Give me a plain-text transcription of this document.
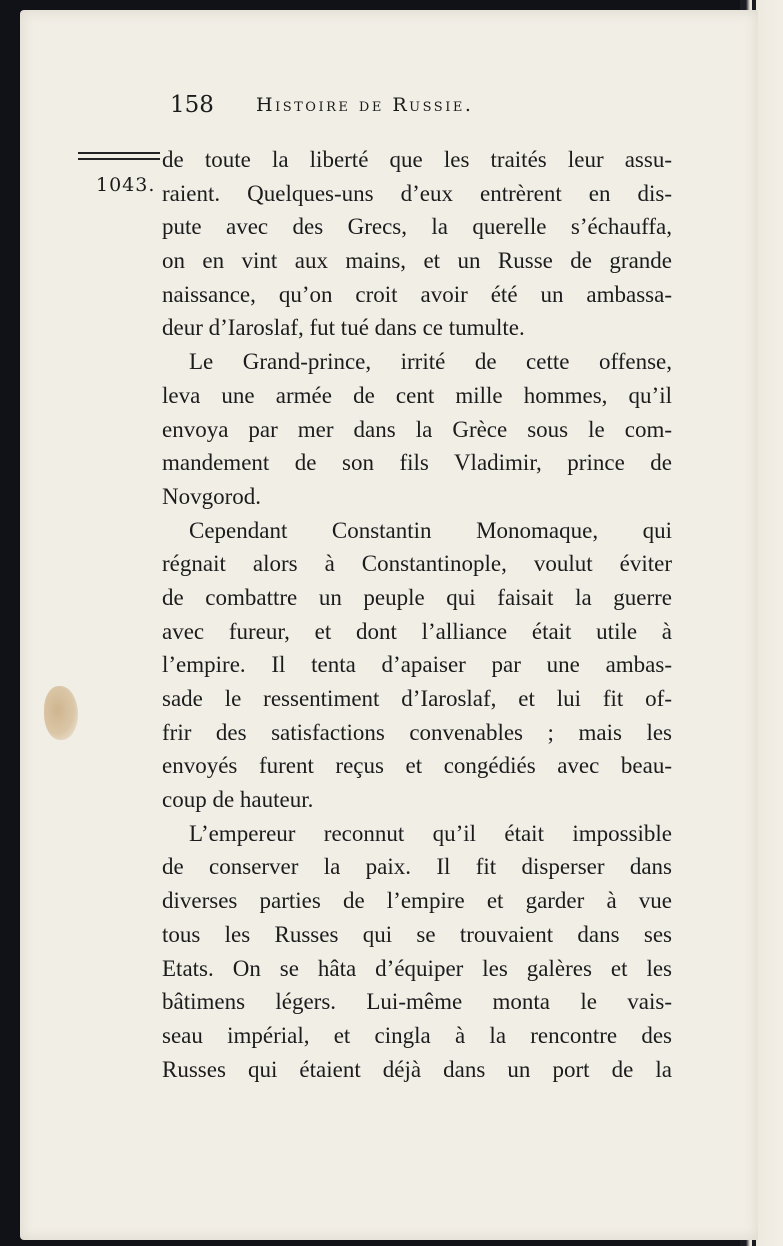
158 Histoire de Russie.
1043.
de toute la liberté que les traités leur assu-
raient. Quelques-uns d’eux entrèrent en dis-
pute avec des Grecs, la querelle s’échauffa,
on en vint aux mains, et un Russe de grande
naissance, qu’on croit avoir été un ambassa-
deur d’Iaroslaf, fut tué dans ce tumulte.
Le Grand-prince, irrité de cette offense,
leva une armée de cent mille hommes, qu’il
envoya par mer dans la Grèce sous le com-
mandement de son fils Vladimir, prince de
Novgorod.
Cependant Constantin Monomaque, qui
régnait alors à Constantinople, voulut éviter
de combattre un peuple qui faisait la guerre
avec fureur, et dont l’alliance était utile à
l’empire. Il tenta d’apaiser par une ambas-
sade le ressentiment d’Iaroslaf, et lui fit of-
frir des satisfactions convenables ; mais les
envoyés furent reçus et congédiés avec beau-
coup de hauteur.
L’empereur reconnut qu’il était impossible
de conserver la paix. Il fit disperser dans
diverses parties de l’empire et garder à vue
tous les Russes qui se trouvaient dans ses
Etats. On se hâta d’équiper les galères et les
bâtimens légers. Lui-même monta le vais-
seau impérial, et cingla à la rencontre des
Russes qui étaient déjà dans un port de la
